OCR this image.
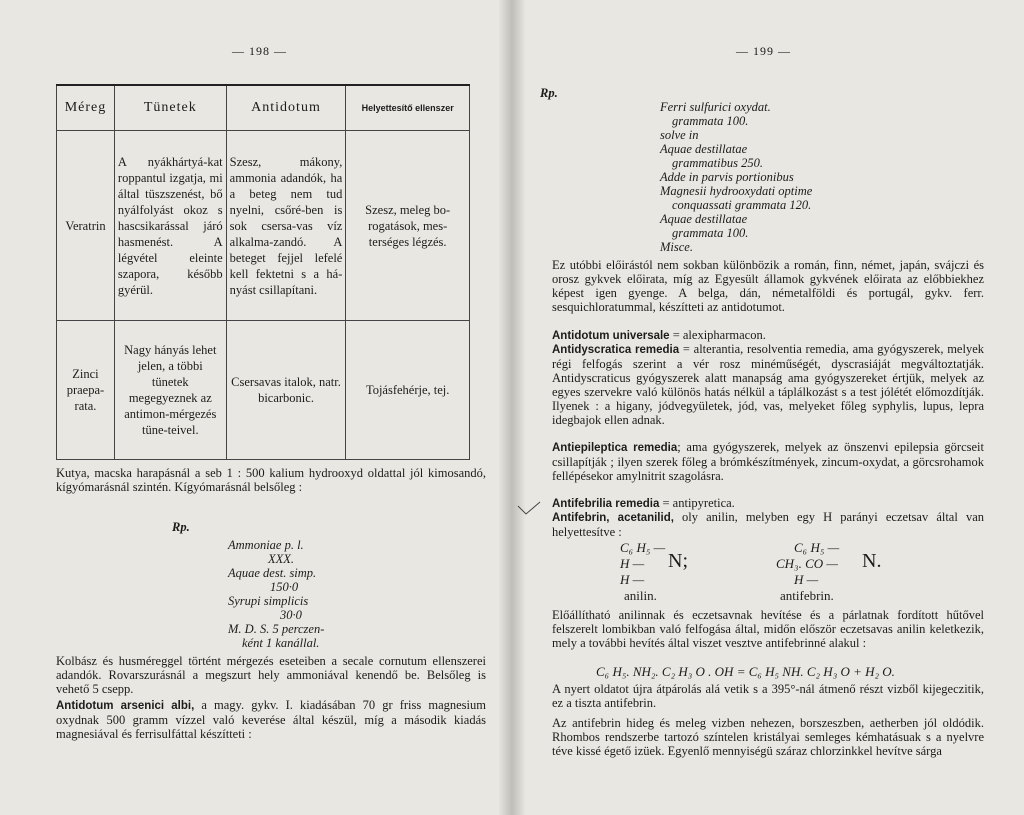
— 198 —
Méreg	Tünetek	Antidotum	Helyettesítő ellenszer
Veratrin	A nyákhártyá-kat roppantul izgatja, mi által tüszszenést, bő nyálfolyást okoz s hascsikarással járó hasmenést. A légvétel eleinte szapora, később gyérül.	Szesz, mákony, ammonia adandók, ha a beteg nem tud nyelni, csőré-ben is sok csersa-vas víz alkalma-zandó. A beteget fejjel lefelé kell fektetni s a há-nyást csillapítani.	Szesz, meleg bo-rogatások, mes-terséges légzés.
Zinci praepa-rata.	Nagy hányás lehet jelen, a többi tünetek megegyeznek az antimon-mérgezés tüne-teivel.	Csersavas italok, natr. bicarbonic.	Tojásfehérje, tej.

Kutya, macska harapásnál a seb 1 : 500 kalium hydrooxyd oldattal jól kimosandó, kígyómarásnál szintén. Kígyómarásnál belsőleg :

Rp.
Ammoniae p. l.
XXX.
Aquae dest. simp.
150·0
Syrupi simplicis
30·0
M. D. S. 5 perczen-
ként 1 kanállal.

Kolbász és husméreggel történt mérgezés eseteiben a secale cornutum ellenszerei adandók. Rovarszurásnál a megszurt hely ammoniával kenendő be. Belsőleg is vehető 5 csepp.

Antidotum arsenici albi, a magy. gykv. I. kiadásában 70 gr friss magnesium oxydnak 500 gramm vízzel való keverése által készül, míg a második kiadás magnesiával és ferrisulfáttal készítteti :

— 199 —
Rp.
Ferri sulfurici oxydat.
grammata 100.
solve in
Aquae destillatae
grammatibus 250.
Adde in parvis portionibus
Magnesii hydrooxydati optime
conquassati grammata 120.
Aquae destillatae
grammata 100.
Misce.

Ez utóbbi előirástól nem sokban különbözik a román, finn, német, japán, svájczi és orosz gykvek előirata, míg az Egyesült államok gykvének előirata az előbbiekhez képest igen gyenge. A belga, dán, németalföldi és portugál, gykv. ferr. sesquichloratummal, készítteti az antidotumot.

Antidotum universale = alexipharmacon.

Antidyscratica remedia = alterantia, resolventia remedia, ama gyógyszerek, melyek régi felfogás szerint a vér rosz minéműségét, dyscrasiáját megváltoztatják. Antidyscraticus gyógyszerek alatt manapság ama gyógyszereket értjük, melyek az egyes szervekre való különös hatás nélkül a táplálkozást s a test jólétét előmozdítják. Ilyenek : a higany, jódvegyületek, jód, vas, melyeket főleg syphylis, lupus, lepra idegbajok ellen adnak.

Antiepileptica remedia; ama gyógyszerek, melyek az önszenvi epilepsia görcseit csillapítják ; ilyen szerek főleg a brómkészítmények, zincum-oxydat, a görcsrohamok fellépésekor amylnitrit szagolásra.

Antifebrilia remedia = antipyretica.

Antifebrin, acetanilid, oly anilin, melyben egy H parányi eczetsav által van helyettesítve :

C₆ H₅ —
H —
H —
N;
anilin.
C₆ H₅ —
CH₃. CO —
H —
N.
antifebrin.

Előállítható anilinnak és eczetsavnak hevítése és a párlatnak fordított hűtővel felszerelt lombikban való felfogása által, midőn először eczetsavas anilin keletkezik, mely a további hevítés által viszet vesztve antifebrinné alakul :

C₆ H₅. NH₂. C₂ H₃ O . OH = C₆ H₅ NH. C₂ H₃ O + H₂ O.

A nyert oldatot újra átpárolás alá vetik s a 395°-nál átmenő részt vizből kijegeczitik, ez a tiszta antifebrin.

Az antifebrin hideg és meleg vizben nehezen, borszeszben, aetherben jól oldódik. Rhombos rendszerbe tartozó színtelen kristályai semleges kémhatásuak s a nyelvre téve kissé égető izüek. Egyenlő mennyiségü száraz chlorzinkkel hevítve sárga
